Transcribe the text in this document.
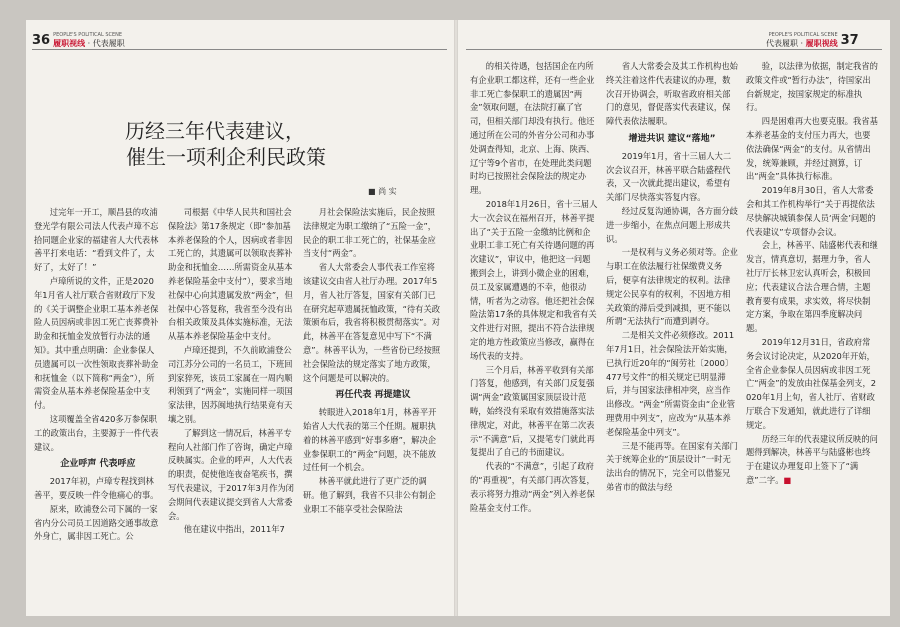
36 PEOPLE'S POLITICAL SCENE
履职视线 · 代表履职
历经三年代表建议，
催生一项利企利民政策
■ 尚 实

过完年一开工，顺昌县的攻浦登光学有限公司法人代表卢璋不忘拾同题企业家的福建省人大代表林善平打来电话：“看到文件了，太好了，太好了！”

卢璋所说的文件，正是2020年1月省人社厅联合省财政厅下发的《关于调整企业职工基本养老保险人员因病或非因工死亡丧葬费补助金和抚恤金发放暂行办法的通知》。其中重点明确：企业参保人员遗属可以一次性领取丧葬补助金和抚恤金（以下简称“两金”），所需资金从基本养老保险基金中支付。

这项覆盖全省420多万参保职工的政策出台，主要源于一件代表建议。

企业呼声 代表呼应

2017年初，卢璋专程找到林善平，要反映一件令他痛心的事。

原来，欧浦登公司下属的一家省内分公司员工因道路交通事故意外身亡，属非因工死亡。公

司根据《中华人民共和国社会保险法》第17条规定（即“参加基本养老保险的个人，因病或者非因工死亡的，其遗属可以领取丧葬补助金和抚恤金……所需资金从基本养老保险基金中支付”），要求当地社保中心向其遗属发放“两金”，但社保中心答复称，我省至今没有出台相关政策及具体实施标准，无法从基本养老保险基金中支付。

卢璋还提到，不久前欧浦登公司江苏分公司的一名员工，下班回到家猝死，该员工家属在一周内顺利领到了“两金”，实施同样一项国家法律，因苏闽地执行结果竟有天壤之别。

了解到这一情况后，林善平专程向人社部门作了咨询，确定卢璋反映属实。企业的呼声，人大代表的职责，促使他连夜奋笔疾书，撰写代表建议，于2017年3月作为闭会期间代表建议提交到省人大常委会。

他在建议中指出，2011年7

月社会保险法实施后，民企按照法律规定为职工缴纳了“五险一金”，民企的职工非工死亡的，社保基金应当支付“两金”。

省人大常委会人事代表工作室将该建议交由省人社厅办理。2017年5月，省人社厅答复，国家有关部门已在研究起草遗属抚恤政策，“待有关政策颁布后，我省将积极贯彻落实”。对此，林善平在答复意见中写下“不满意”。林善平认为，一些省份已经按照社会保险法的规定落实了地方政策，这个问题是可以解决的。

再任代表 再提建议

转眼进入2018年1月，林善平开始省人大代表的第三个任期。履职执着的林善平感到“好事多磨”，解决企业参保职工的“两金”问题，决不能放过任何一个机会。

林善平就此进行了更广泛的调研。他了解到，我省不只非公有制企业职工不能享受社会保险法

PEOPLE'S POLITICAL SCENE
代表履职 · 履职视线 37

的相关待遇，包括国企在内所有企业职工都这样，还有一些企业非工死亡参保职工的遗属因“两金”领取问题，在法院打赢了官司，但相关部门却没有执行。他还通过所在公司的外省分公司和办事处调查得知，北京、上海、陕西、辽宁等9个省市，在处理此类问题时均已按照社会保险法的规定办理。

2018年1月26日，省十三届人大一次会议在福州召开，林善平提出了“关于五险一金缴纳比例和企业职工非工死亡有关待遇问题的再次建议”，审议中，他把这一问题搬到会上，讲到小微企业的困难，员工及家属遭遇的不幸，他很动情，听者为之动容。他还把社会保险法第17条的具体规定和我省有关文件进行对照，提出不符合法律规定的地方性政策应当修改，赢得在场代表的支持。

三个月后，林善平收到有关部门答复，他感到，有关部门反复强调“两金”政策属国家顶层设计范畴，始终没有采取有效措施落实法律规定，对此，林善平在第二次表示“不满意”后，又提笔专门就此再复提出了自己的书面建议。

代表的“不满意”，引起了政府的“再重视”，有关部门再次答复，表示将努力推动“两金”列入养老保险基金支付工作。

省人大常委会及其工作机构也始终关注着这件代表建议的办理，数次召开协调会，听取省政府相关部门的意见，督促落实代表建议，保障代表依法履职。

增进共识 建议“落地”

2019年1月，省十三届人大二次会议召开，林善平联合陆盛程代表，又一次就此提出建议，希望有关部门尽快落实答复内容。

经过反复沟通协调，各方面分歧进一步缩小，在焦点问题上形成共识。

一是权利与义务必须对等。企业与职工在依法履行社保缴费义务后，便享有法律规定的权利。法律规定公民享有的权利，不因地方相关政策的滞后受到减损，更不能以所谓“无法执行”而遭到剥夺。

二是相关文件必须修改。2011年7月1日，社会保险法开始实施，已执行近20年的“闽劳社〔2000〕477号文件”的相关规定已明显滞后，并与国家法律相冲突，应当作出修改。“两金”所需资金由“企业管理费用中列支”，应改为“从基本养老保险基金中列支”。

三是不能再等。在国家有关部门关于统筹企业的“顶层设计”一时无法出台的情况下，完全可以借鉴兄弟省市的做法与经

验，以法律为依据，制定我省的政策文件或“暂行办法”，待国家出台新规定，按国家规定的标准执行。

四是困难再大也要克服。我省基本养老基金的支付压力再大，也要依法确保“两金”的支付。从省情出发，统筹兼顾，并经过测算，订出“两金”具体执行标准。

2019年8月30日，省人大常委会和其工作机构举行“关于再提依法尽快解决城镇参保人员‘两金’问题的代表建议”专项督办会议。

会上，林善平、陆盛彬代表和继发言，情真意切，据理力争，省人社厅厅长林卫宏认真听会，积极回应；代表建议合法合理合情，主题教育要有成果，求实效，将尽快制定方案，争取在第四季度解决问题。

2019年12月31日，省政府常务会议讨论决定，从2020年开始，全省企业参保人员因病或非因工死亡“两金”的发放由社保基金列支，2020年1月上旬，省人社厅、省财政厅联合下发通知，就此进行了详细规定。

历经三年的代表建议所反映的问题得到解决，林善平与陆盛彬也终于在建议办理复印上签下了“满意”二字。■
